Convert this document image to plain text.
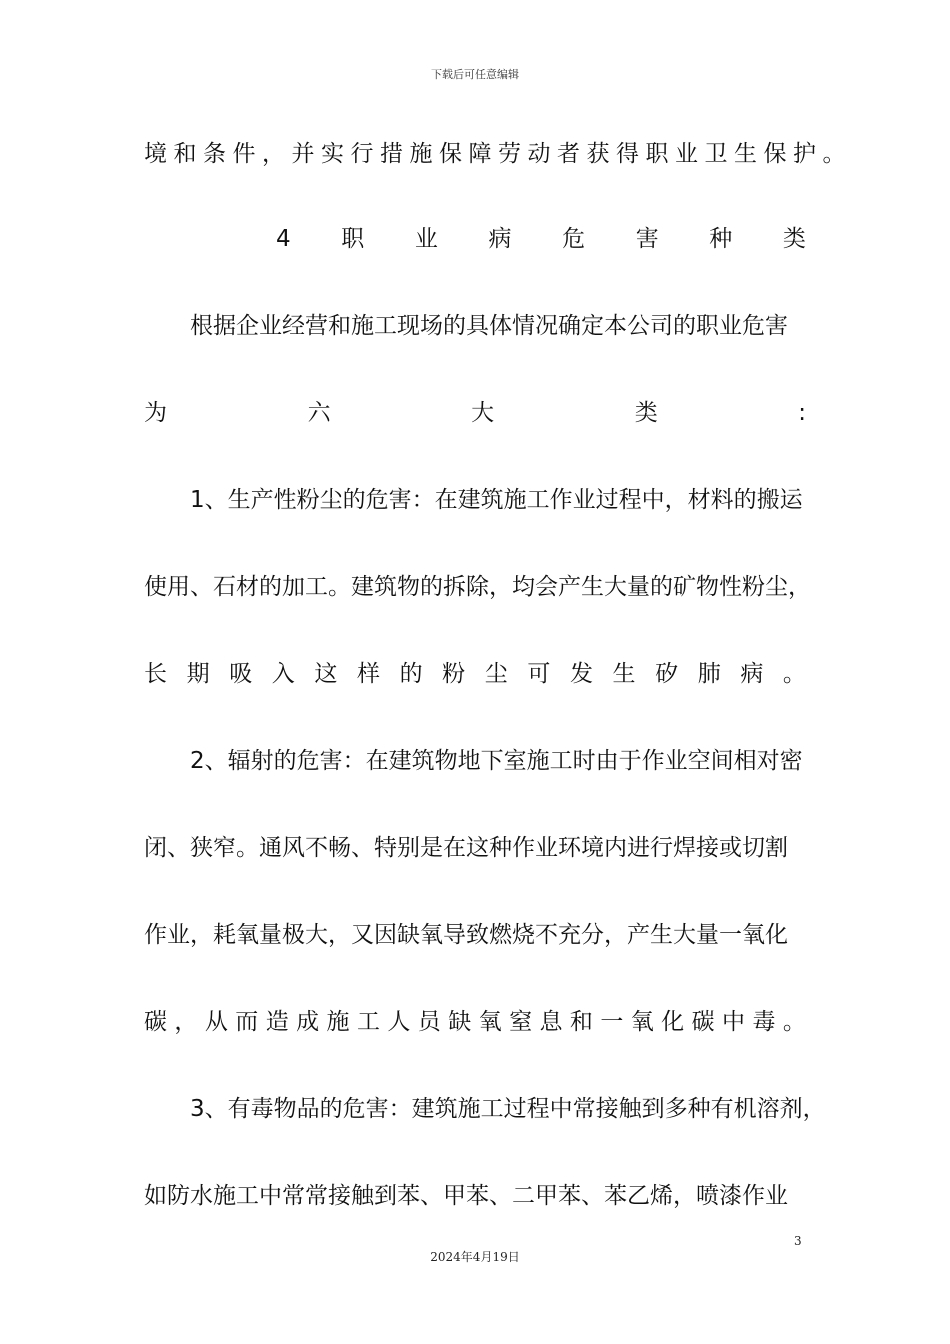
下载后可任意编辑
境和条件，并实行措施保障劳动者获得职业卫生保护。
4 职 业 病 危 害 种 类
根据企业经营和施工现场的具体情况确定本公司的职业危害
为	六	大	类	:
1、生产性粉尘的危害：在建筑施工作业过程中，材料的搬运
使用、石材的加工。建筑物的拆除，均会产生大量的矿物性粉尘，
长 期 吸 入 这 样 的 粉 尘 可 发 生 矽 肺 病 。
2、辐射的危害：在建筑物地下室施工时由于作业空间相对密
闭、狭窄。通风不畅、特别是在这种作业环境内进行焊接或切割
作业，耗氧量极大，又因缺氧导致燃烧不充分，产生大量一氧化
碳 ， 从 而 造 成 施 工 人 员 缺 氧 窒 息 和 一 氧 化 碳 中 毒 。
3、有毒物品的危害：建筑施工过程中常接触到多种有机溶剂，
如防水施工中常常接触到苯、甲苯、二甲苯、苯乙烯，喷漆作业
3
2024年4月19日
